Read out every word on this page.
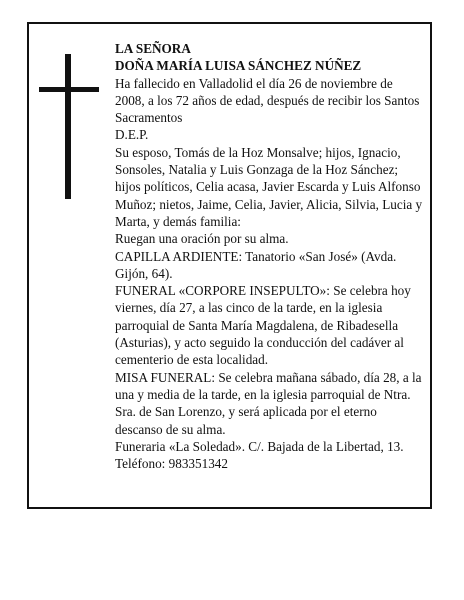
LA SEÑORA

DOÑA MARÍA LUISA SÁNCHEZ NÚÑEZ

Ha fallecido en Valladolid el día 26 de noviembre de 2008, a los 72 años de edad, después de recibir los Santos Sacramentos

D.E.P.

Su esposo, Tomás de la Hoz Monsalve; hijos, Ignacio, Sonsoles, Natalia y Luis Gonzaga de la Hoz Sánchez; hijos políticos, Celia acasa, Javier Escarda y Luis Alfonso Muñoz; nietos, Jaime, Celia, Javier, Alicia, Silvia, Lucia y Marta, y demás familia:

Ruegan una oración por su alma.

CAPILLA ARDIENTE: Tanatorio «San José» (Avda. Gijón, 64).

FUNERAL «CORPORE INSEPULTO»: Se celebra hoy viernes, día 27, a las cinco de la tarde, en la iglesia parroquial de Santa María Magdalena, de Ribadesella (Asturias), y acto seguido la conducción del cadáver al cementerio de esta localidad.

MISA FUNERAL: Se celebra mañana sábado, día 28, a la una y media de la tarde, en la iglesia parroquial de Ntra. Sra. de San Lorenzo, y será aplicada por el eterno descanso de su alma.

Funeraria «La Soledad». C/. Bajada de la Libertad, 13. Teléfono: 983351342
